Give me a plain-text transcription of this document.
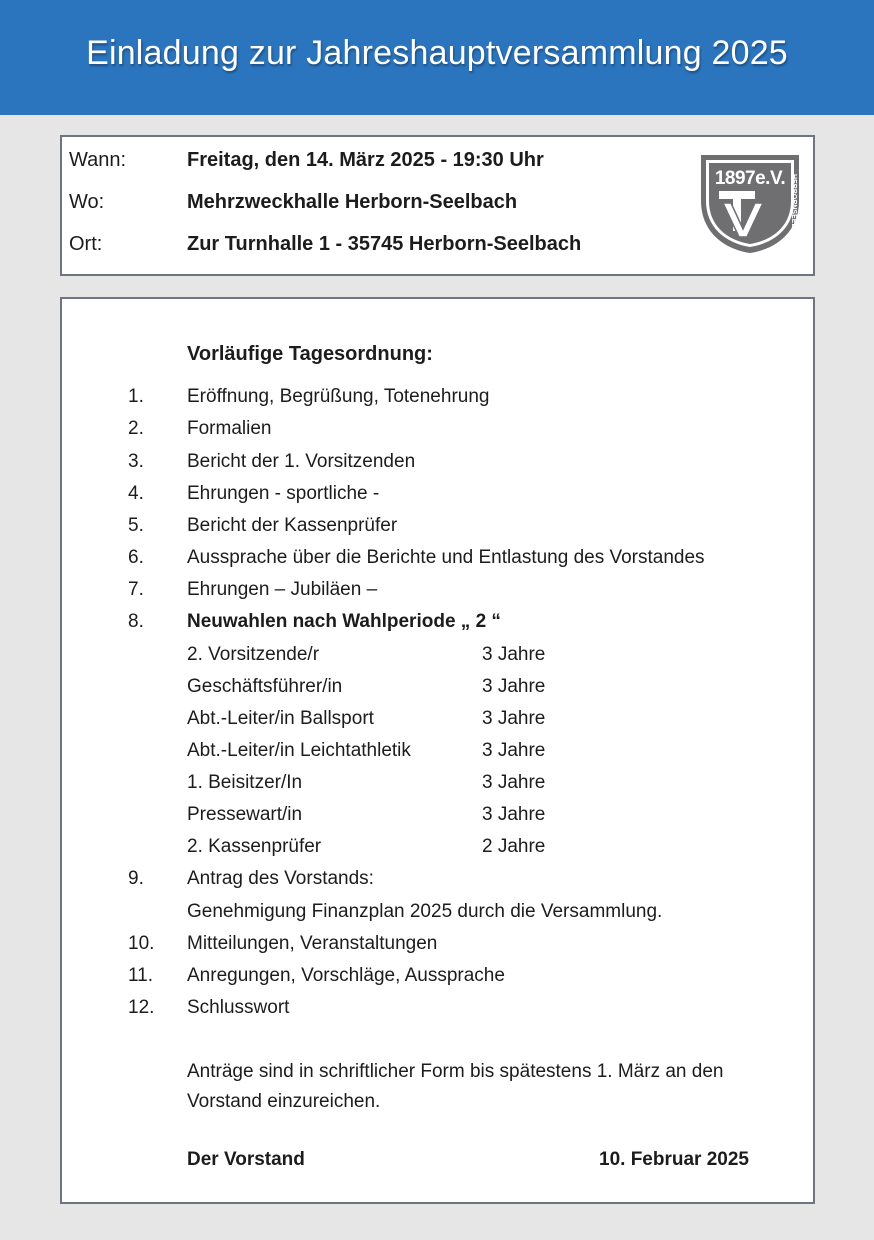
Einladung zur Jahreshauptversammlung 2025
Wann:	Freitag, den 14. März 2025 - 19:30 Uhr
Wo:	Mehrzweckhalle Herborn-Seelbach
Ort:	Zur Turnhalle 1 - 35745 Herborn-Seelbach
1897e.V. HERBORNSEELBACH
Vorläufige Tagesordnung:
1. Eröffnung, Begrüßung, Totenehrung
2. Formalien
3. Bericht der 1. Vorsitzenden
4. Ehrungen - sportliche -
5. Bericht der Kassenprüfer
6. Aussprache über die Berichte und Entlastung des Vorstandes
7. Ehrungen – Jubiläen –
8. Neuwahlen nach Wahlperiode „ 2 “
2. Vorsitzende/r	3 Jahre
Geschäftsführer/in	3 Jahre
Abt.-Leiter/in Ballsport	3 Jahre
Abt.-Leiter/in Leichtathletik	3 Jahre
1. Beisitzer/In	3 Jahre
Pressewart/in	3 Jahre
2. Kassenprüfer	2 Jahre
9. Antrag des Vorstands:
Genehmigung Finanzplan 2025 durch die Versammlung.
10. Mitteilungen, Veranstaltungen
11. Anregungen, Vorschläge, Aussprache
12. Schlusswort
Anträge sind in schriftlicher Form bis spätestens 1. März an den Vorstand einzureichen.
Der Vorstand	10. Februar 2025
